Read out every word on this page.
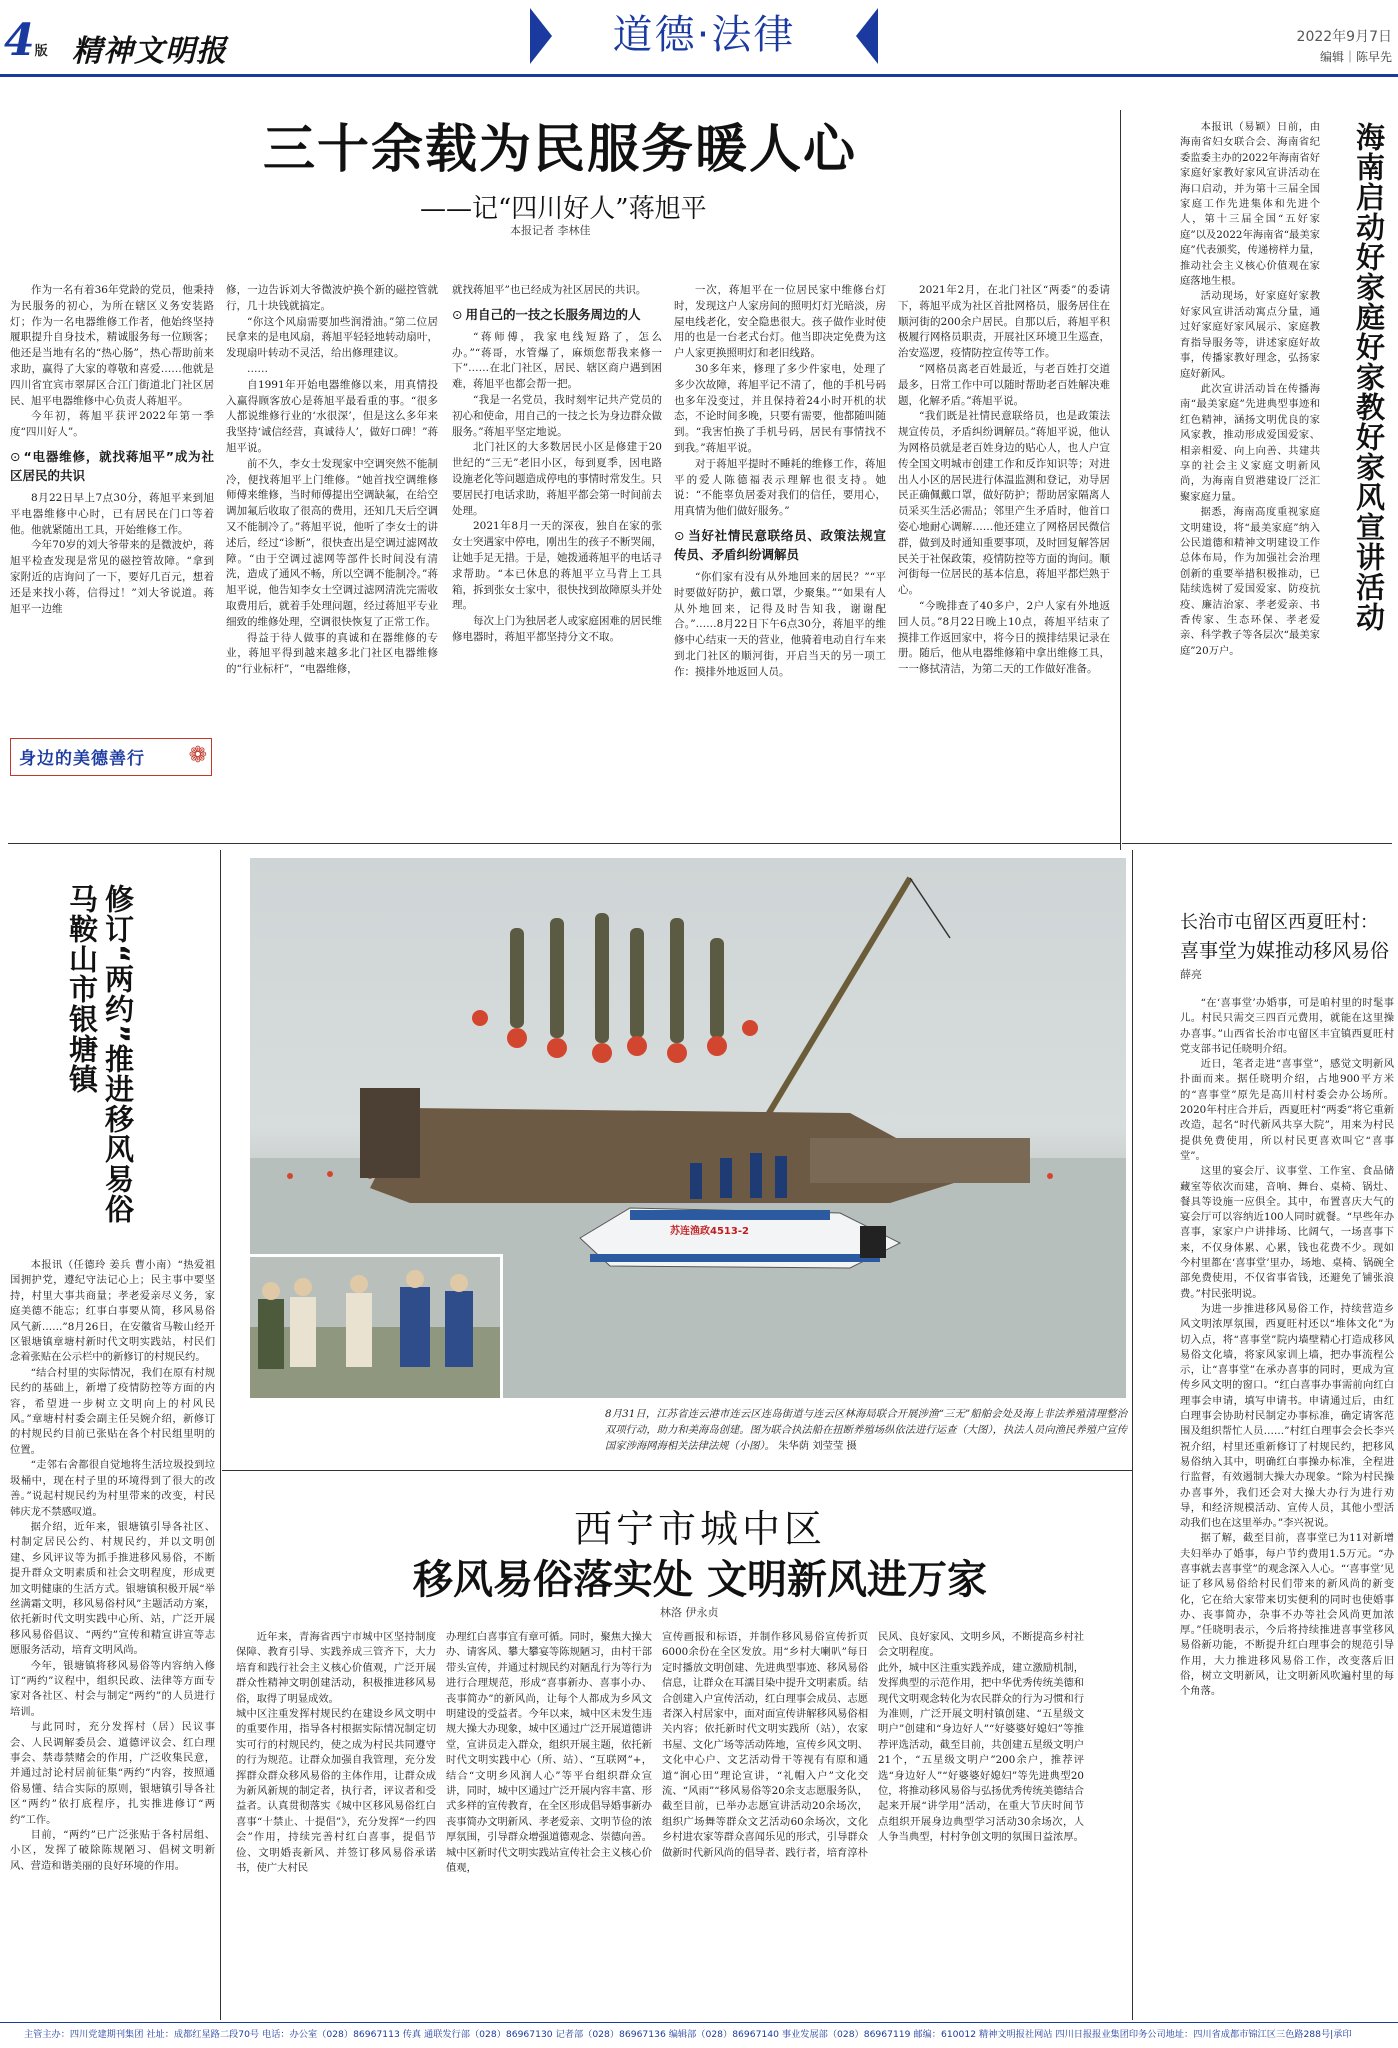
4版 精神文明报	道德·法律	2022年9月7日
编辑｜陈早先
三十余载为民服务暖人心
——记“四川好人”蒋旭平
本报记者 李林佳

作为一名有着36年党龄的党员，他秉持为民服务的初心，为所在辖区义务安装路灯；作为一名电器维修工作者，他始终坚持履职提升自身技术，精诚服务每一位顾客；他还是当地有名的“热心肠”，热心帮助前来求助，赢得了大家的尊敬和喜爱……他就是四川省宜宾市翠屏区合江门街道北门社区居民、旭平电器维修中心负责人蒋旭平。

今年初，蒋旭平获评2022年第一季度“四川好人”。

⊙ “电器维修，就找蒋旭平”成为社区居民的共识

8月22日早上7点30分，蒋旭平来到旭平电器维修中心时，已有居民在门口等着他。他就紧随出工具，开始维修工作。

今年70岁的刘大爷带来的是微波炉，蒋旭平检查发现是常见的磁控管故障。“拿到家附近的店询问了一下，要好几百元，想着还是来找小蒋，信得过！”刘大爷说道。蒋旭平一边维

身边的美德善行 ❁

修，一边告诉刘大爷微波炉换个新的磁控管就行，几十块钱就搞定。

“你这个风扇需要加些润滑油。”第二位居民拿来的是电风扇，蒋旭平轻轻地转动扇叶，发现扇叶转动不灵活，给出修理建议。

……

自1991年开始电器维修以来，用真情投入赢得顾客放心是蒋旭平最看重的事。“很多人都说维修行业的‘水很深’，但是这么多年来我坚持‘诚信经营，真诚待人’，做好口碑！”蒋旭平说。

前不久，李女士发现家中空调突然不能制冷，便找蒋旭平上门维修。“她首找空调维修师傅来维修，当时师傅提出空调缺氟，在给空调加氟后收取了很高的费用，还知几天后空调又不能制冷了。”蒋旭平说，他听了李女士的讲述后，经过“诊断”，很快查出是空调过滤网故障。“由于空调过滤网等部件长时间没有清洗，造成了通风不畅，所以空调不能制冷。”蒋旭平说，他告知李女士空调过滤网清洗完需收取费用后，就着手处理问题，经过蒋旭平专业细致的维修处理，空调很快恢复了正常工作。

得益于待人做事的真诚和在器维修的专业，蒋旭平得到越来越多北门社区电器维修的“行业标杆”，“电器维修，

就找蒋旭平”也已经成为社区居民的共识。

⊙ 用自己的一技之长服务周边的人

“蒋师傅，我家电线短路了，怎么办。”“蒋哥，水管爆了，麻烦您帮我来修一下”……在北门社区，居民、辖区商户遇到困难，蒋旭平也都会帮一把。

“我是一名党员，我时刻牢记共产党员的初心和使命，用自己的一技之长为身边群众做服务。”蒋旭平坚定地说。

北门社区的大多数居民小区是修建于20世纪的“三无”老旧小区，每到夏季，因电路设施老化等问题造成停电的事情时常发生。只要居民打电话求助，蒋旭平都会第一时间前去处理。

2021年8月一天的深夜，独自在家的张女士突遇家中停电，刚出生的孩子不断哭闹，让她手足无措。于是，她拨通蒋旭平的电话寻求帮助。“本已休息的蒋旭平立马背上工具箱，拆到张女士家中，很快找到故障原头并处理。

每次上门为独居老人或家庭困难的居民维修电器时，蒋旭平都坚持分文不取。

一次，蒋旭平在一位居民家中维修台灯时，发现这户人家房间的照明灯灯光暗淡，房屋电线老化，安全隐患很大。孩子做作业时使用的也是一台老式台灯。他当即决定免费为这户人家更换照明灯和老旧线路。

30多年来，修理了多少件家电，处理了多少次故障，蒋旭平记不清了，他的手机号码也多年没变过，并且保持着24小时开机的状态，不论时间多晚，只要有需要，他都随叫随到。“我害怕换了手机号码，居民有事情找不到我。”蒋旭平说。

对于蒋旭平提时不睡耗的维修工作，蒋旭平的爱人陈德福表示理解也很支持。她说：“不能辜负居委对我们的信任，要用心，用真情为他们做好服务。”

⊙ 当好社情民意联络员、政策法规宣传员、矛盾纠纷调解员

“你们家有没有从外地回来的居民？”“平时要做好防护，戴口罩，少聚集。”“如果有人从外地回来，记得及时告知我，谢谢配合。”……8月22日下午6点30分，蒋旭平的维修中心结束一天的营业，他骑着电动自行车来到北门社区的顺河街，开启当天的另一项工作：摸排外地返回人员。

2021年2月，在北门社区“两委”的委请下，蒋旭平成为社区首批网格员，服务居住在顺河街的200余户居民。自那以后，蒋旭平积极履行网格员职责，开展社区环境卫生巡查，治安巡逻，疫情防控宣传等工作。

“网格员离老百姓最近，与老百姓打交道最多，日常工作中可以随时帮助老百姓解决难题，化解矛盾。”蒋旭平说。

“我们既是社情民意联络员，也是政策法规宣传员，矛盾纠纷调解员。”蒋旭平说，他认为网格员就是老百姓身边的贴心人，也人户宣传全国文明城市创建工作和反诈知识等；对进出人小区的居民进行体温监测和登记，劝导居民正确佩戴口罩，做好防护；帮助居家隔离人员采买生活必需品；邻里产生矛盾时，他首口姿心地耐心调解……他还建立了网格居民微信群，做到及时通知重要事项，及时回复解答居民关于社保政策，疫情防控等方面的询问。顺河街每一位居民的基本信息，蒋旭平都烂熟于心。

“今晚排查了40多户，2户人家有外地返回人员。”8月22日晚上10点，蒋旭平结束了摸排工作返回家中，将今日的摸排结果记录在册。随后，他从电器维修箱中拿出维修工具，一一修拭清洁，为第二天的工作做好准备。

本报讯（易颖）日前，由海南省妇女联合会、海南省纪委监委主办的2022年海南省好家庭好家教好家风宣讲活动在海口启动，并为第十三届全国家庭工作先进集体和先进个人，第十三届全国“五好家庭”以及2022年海南省“最美家庭”代表颁奖，传递榜样力量，推动社会主义核心价值观在家庭落地生根。

活动现场，好家庭好家教好家风宣讲活动寓点分量，通过好家庭好家风展示、家庭教育指导服务等，讲述家庭好故事，传播家教好理念，弘扬家庭好新风。

此次宣讲活动旨在传播海南“最美家庭”先进典型事迹和红色精神，涵扬文明优良的家风家教，推动形成爱国爱家、相亲相爱、向上向善、共建共享的社会主义家庭文明新风尚，为海南自贸港建设厂泛汇聚家庭力量。

据悉，海南高度重视家庭文明建设，将“最美家庭”纳入公民道德和精神文明建设工作总体布局，作为加强社会治理创新的重要举措积极推动，已陆续选树了爱国爱家、防疫抗疫、廉洁治家、孝老爱亲、书香传家、生态环保、孝老爱亲、科学教子等各层次“最美家庭”20万户。

海南启动好家庭好家教好家风宣讲活动
修订“两约”推进移风易俗
马鞍山市银塘镇

本报讯（任德玲 姜兵 曹小南）“热爱祖国拥护党，遵纪守法记心上；民主事中要坚持，村里大事共商量；孝老爱亲尽义务，家庭美德不能忘；红事白事要从简，移风易俗风气新……”8月26日，在安徽省马鞍山经开区银塘镇章塘村新时代文明实践站，村民们念着张贴在公示栏中的新修订的村规民约。

“结合村里的实际情况，我们在原有村规民约的基础上，新增了疫情防控等方面的内容，希望进一步树立文明向上的村风民风。”章塘村村委会副主任吴婉介绍，新修订的村规民约目前已张贴在各个村民组里明的位置。

“走邻右舍都很自觉地将生活垃圾投到垃圾桶中，现在村子里的环境得到了很大的改善。”说起村规民约为村里带来的改变，村民韩庆龙不禁感叹道。

据介绍，近年来，银塘镇引导各社区、村制定居民公约、村规民约，并以文明创建、乡风评议等为抓手推进移风易俗，不断提升群众文明素质和社会文明程度，形成更加文明健康的生活方式。银塘镇积极开展“举丝满霜文明，移风易俗村风”主题活动方案，依托新时代文明实践中心所、站，广泛开展移风易俗倡议、“两约”宣传和精宣讲宣等志愿服务活动，培育文明风尚。

今年，银塘镇将移风易俗等内容纳入修订“两约”议程中，组织民政、法律等方面专家对各社区、村会与制定“两约”的人员进行培训。

与此同时，充分发挥村（居）民议事会、人民调解委员会、道德评议会、红白理事会、禁毒禁赌会的作用，广泛收集民意，并通过討论村居前征集“两约”内容，按照通俗易懂、结合实际的原则，银塘镇引导各社区“两约”依打底程序，扎实推进修订“两约”工作。

目前，“两约”已广泛张贴于各村居组、小区，发挥了破除陈规陋习、倡树文明新风、营造和谐美丽的良好环境的作用。

苏连渔政4513-2
8月31日，江苏省连云港市连云区连岛街道与连云区林海局联合开展涉渔“三无”船舶会处及海上非法养殖清理整治双项行动，助力和美海岛创建。图为联合执法船在扭断养殖场纵依法进行运查（大图），执法人员向渔民养殖户宣传国家涉海网海相关法律法规（小图）。 朱华荫 刘莹莹 摄
西宁市城中区
移风易俗落实处 文明新风进万家
林洛 伊永贞

近年来，青海省西宁市城中区坚持制度保障、教育引导、实践养成三管齐下，大力培育和践行社会主义核心价值观，广泛开展群众性精神文明创建活动，积极推进移风易俗，取得了明显成效。
城中区注重发挥村规民约在建设乡风文明中的重要作用，指导各村根据实际情况制定切实可行的村规民约，使之成为村民共同遵守的行为规范。让群众加强自我管理，充分发挥群众群众移风易俗的主体作用，让群众成为新风新规的制定者，执行者，评议者和受益者。认真贯彻落实《城中区移风易俗红白喜事“十禁止、十提倡”》，充分发挥“一约四会”作用，持续完善村红白喜事，提倡节俭、文明婚丧新风、并签订移风易俗承诺书，使广大村民

办理红白喜事宜有章可循。同时，聚焦大操大办、请客风、攀大攀宴等陈规陋习，由村干部带头宣传，并通过村规民约对陋乱行为等行为进行合理规范，形成“喜事新办、喜事小办、丧事简办”的新风尚，让每个人都成为乡风文明建设的受益者。今年以来，城中区未发生违规大操大办现象，城中区通过广泛开展道德讲堂，宣讲员走入群众，组织开展主题，依托新时代文明实践中心（所、站）、“互联网”+，结合“文明乡风润人心”等平台组织群众宣讲，同时，城中区通过广泛开展内容丰富、形式多样的宣传教育，在全区形成倡导婚事新办丧事简办文明新风、孝老爱亲、文明节俭的浓厚氛围，引导群众增强道德观念、崇德向善。城中区新时代文明实践站宣传社会主义核心价值观，

宣传画报和标语，并制作移风易俗宣传折页6000余份在全区发放。用“乡村大喇叭”每日定时播放文明创建、先进典型事迹、移风易俗信息，让群众在耳濡目染中提升文明素质。结合创建入户宣传活动，红白理事会成员、志愿者深入村居家中，面对面宣传讲解移风易俗相关内容；依托新时代文明实践所（站），农家书屋、文化广场等活动阵地，宣传乡风文明、文化中心户、文艺活动骨干等视有有原和通道“润心田”理论宣讲，“礼帽入户”文化交流、“风雨”“移风易俗等20余支志愿服务队，截至目前，已举办志愿宣讲活动20余场次，组织广场舞等群众文艺活动60余场次，文化乡村进农家等群众喜闻乐见的形式，引导群众做新时代新风尚的倡导者、践行者，培育淳朴

民风、良好家风、文明乡风，不断提高乡村社会文明程度。
此外，城中区注重实践养成，建立激励机制，发挥典型的示范作用，把中华优秀传统美德和现代文明观念转化为农民群众的行为习惯和行为准则，广泛开展文明村镇创建、“五星级文明户”创建和“身边好人”“好婆婆好媳妇”等推荐评选活动，截至目前，共创建五星级文明户21个，“五星级文明户”200余户，推荐评选“身边好人”“好婆婆好媳妇”等先进典型20位，将推动移风易俗与弘扬优秀传统美德结合起来开展“讲学用”活动，在重大节庆时间节点组织开展身边典型学习活动30余场次，人人争当典型，村村争创文明的氛围日益浓厚。

长治市屯留区西夏旺村：
喜事堂为媒推动移风易俗
薛亮

“在‘喜事堂’办婚事，可是咱村里的时髦事儿。村民只需交三四百元费用，就能在这里操办喜事。”山西省长治市屯留区丰宜镇西夏旺村党支部书记任晓明介绍。

近日，笔者走进“喜事堂”，感觉文明新风扑面而来。据任晓明介绍，占地900平方米的“喜事堂”原先是高川村村委会办公场所。2020年村庄合并后，西夏旺村“两委”将它重新改造，起名“时代新风共享大院”，用来为村民提供免费使用，所以村民更喜欢叫它“喜事堂”。

这里的宴会厅、议事堂、工作室、食品储藏室等依次而建，音响、舞台、桌椅、锅灶、餐具等设施一应俱全。其中，布置喜庆大气的宴会厅可以容纳近100人同时就餐。“早些年办喜事，家家户户讲排场、比阔气，一场喜事下来，不仅身体累、心累，钱也花费不少。现如今村里都在‘喜事堂’里办，场地、桌椅、锅碗全部免费使用，不仅省事省钱，还避免了铺张浪费。”村民张明说。

为进一步推进移风易俗工作，持续营造乡风文明浓厚氛围，西夏旺村还以“堆体文化”为切入点，将“喜事堂”院内墙壁精心打造成移风易俗文化墙，将家风家训上墙，把办事流程公示，让“喜事堂”在承办喜事的同时，更成为宣传乡风文明的窗口。“红白喜事办事需前向红白理事会申请，填写申请书。申请通过后，由红白理事会协助村民制定办事标准，确定请客范围及组织帮忙人员……”村红白理事会会长李兴祝介绍，村里还重新修订了村规民约，把移风易俗纳入其中，明确红白事操办标准，全程进行监督，有效遏制大操大办现象。“除为村民操办喜事外，我们还会对大操大办行为进行劝导，和经济规模活动、宣传人员，其他小型活动我们也在这里举办。”李兴祝说。

据了解，截至目前，喜事堂已为11对新增夫妇举办了婚事，每户节约费用1.5万元。“办喜事就去喜事堂”的观念深入人心。“‘喜事堂’见证了移风易俗给村民们带来的新风尚的新变化，它在给大家带来切实便利的同时也使婚事办、丧事简办，杂事不办等社会风尚更加浓厚。”任晓明表示，今后将持续推进喜事堂移风易俗新功能，不断提升红白理事会的规范引导作用，大力推进移风易俗工作，改变落后旧俗，树立文明新风，让文明新风吹遍村里的每个角落。

主管主办：四川党建期刊集团 社址：成都红星路二段70号 电话：办公室（028）86967113 传真 通联发行部（028）86967130 记者部（028）86967136 编辑部（028）86967140 事业发展部（028）86967119 邮编：610012 精神文明报社网站 四川日报报业集团印务公司地址：四川省成都市锦江区三色路288号|承印
